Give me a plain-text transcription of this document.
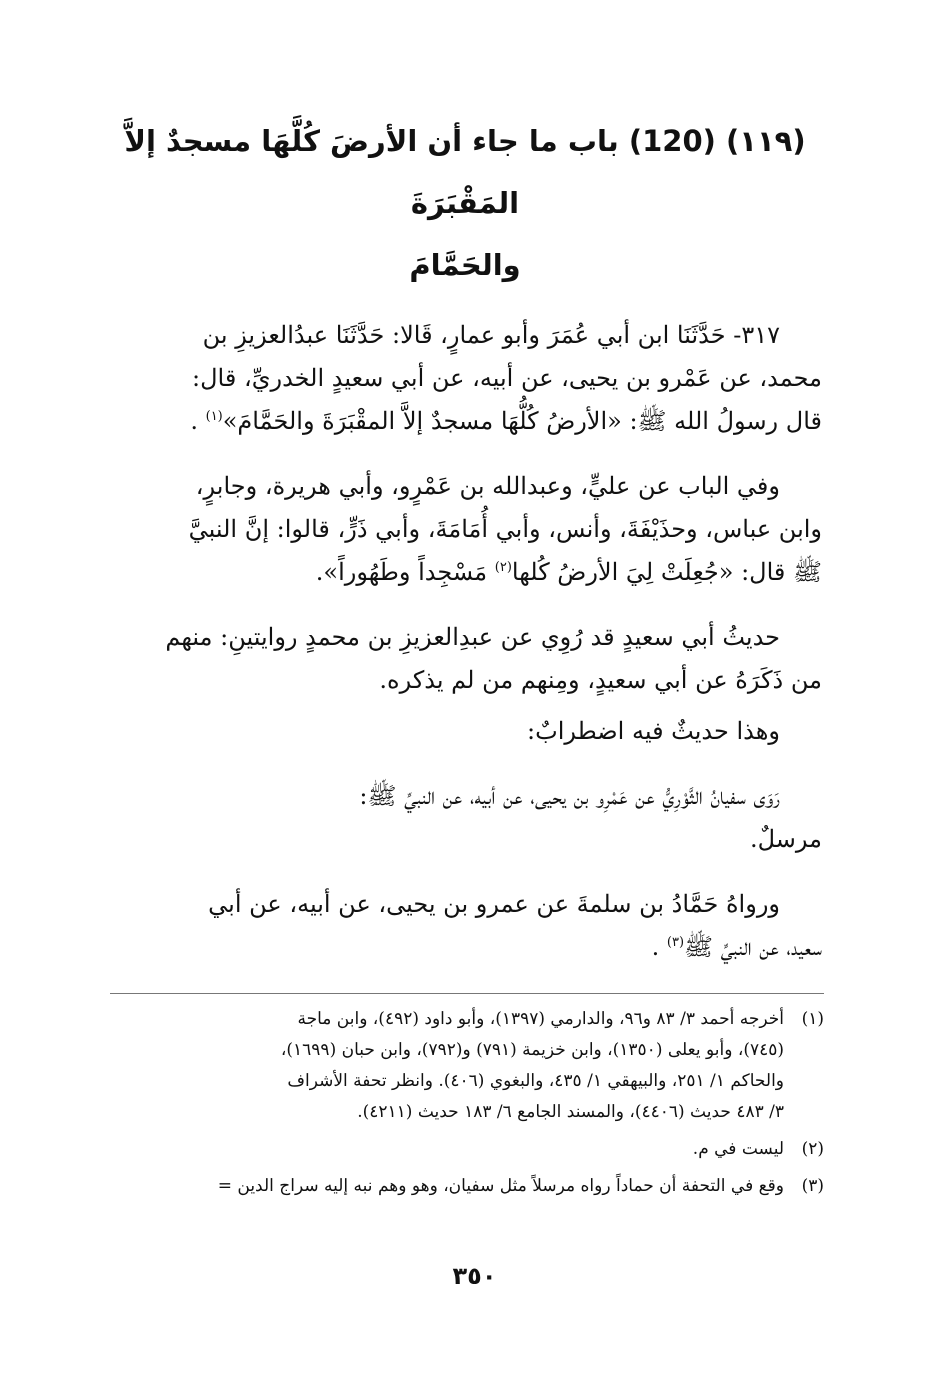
(١١٩) (120) باب ما جاء أن الأرضَ كُلَّهَا مسجدٌ إلاَّ المَقْبَرَةَ
والحَمَّامَ
٣١٧- حَدَّثَنَا ابن أبي عُمَرَ وأبو عمارٍ، قَالا: حَدَّثَنَا عبدُالعزيزِ بن
محمد، عن عَمْرو بن يحيى، عن أبيه، عن أبي سعيدٍ الخدريِّ، قال:
قال رسولُ الله ﷺ: «الأرضُ كُلُّهَا مسجدٌ إلاَّ المقْبَرَةَ والحَمَّامَ»$^{(١)}$ .
وفي الباب عن عليٍّ، وعبدالله بن عَمْرٍو، وأبي هريرة، وجابرٍ،
وابن عباس، وحذَيْفَةَ، وأنس، وأبي أُمَامَةَ، وأبي ذَرٍّ، قالوا: إنَّ النبيَّ
ﷺ قال: «جُعِلَتْ لِيَ الأرضُ كُلها$^{(٢)}$ مَسْجِداً وطَهُوراً».
حديثُ أبي سعيدٍ قد رُوِي عن عبدِالعزيزِ بن محمدٍ روايتينِ: منهم
من ذَكَرَهُ عن أبي سعيدٍ، ومِنهم من لم يذكره.
وهذا حديثٌ فيه اضطرابٌ:
رَوَى سفيانُ الثَّوْرِيُّ عن عَمْرِو بن يحيى، عن أبيه، عن النبيِّ ﷺ:
مرسلٌ.
ورواهُ حَمَّادُ بن سلمةَ عن عمرو بن يحيى، عن أبيه، عن أبي
سعيد، عن النبيِّ ﷺ$^{(٣)}$ .
(١)
أخرجه أحمد ٣/ ٨٣ و٩٦، والدارمي (١٣٩٧)، وأبو داود (٤٩٢)، وابن ماجة
(٧٤٥)، وأبو يعلى (١٣٥٠)، وابن خزيمة (٧٩١) و(٧٩٢)، وابن حبان (١٦٩٩)،
والحاكم ١/ ٢٥١، والبيهقي ١/ ٤٣٥، والبغوي (٤٠٦). وانظر تحفة الأشراف
٣/ ٤٨٣ حديث (٤٤٠٦)، والمسند الجامع ٦/ ١٨٣ حديث (٤٢١١).
(٢)
ليست في م.
(٣)
وقع في التحفة أن حماداً رواه مرسلاً مثل سفيان، وهو وهم نبه إليه سراج الدين =
٣٥٠
